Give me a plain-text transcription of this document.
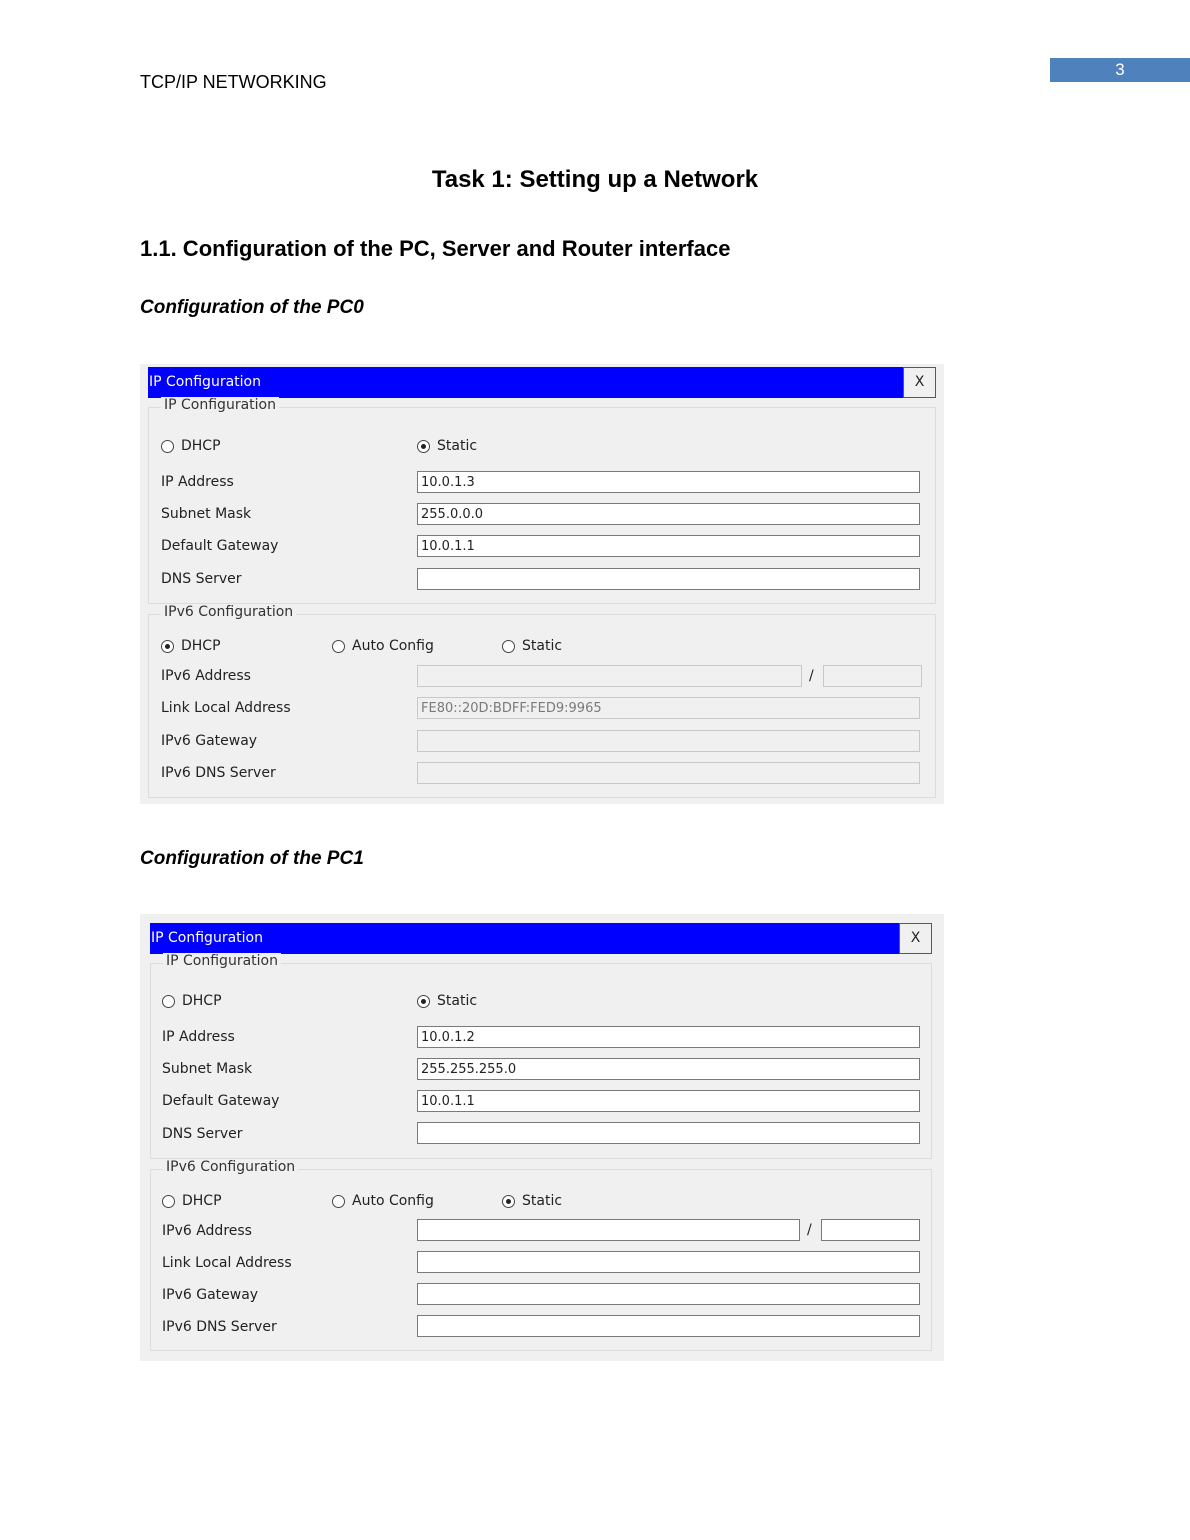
TCP/IP NETWORKING
3
Task 1: Setting up a Network
1.1. Configuration of the PC, Server and Router interface
Configuration of the PC0
IP Configuration	X
IP Configuration
DHCP	Static
IP Address	10.0.1.3
Subnet Mask	255.0.0.0
Default Gateway	10.0.1.1
DNS Server
IPv6 Configuration
DHCP	Auto Config	Static
IPv6 Address	/
Link Local Address	FE80::20D:BDFF:FED9:9965
IPv6 Gateway
IPv6 DNS Server
Configuration of the PC1
IP Configuration	X
IP Configuration
DHCP	Static
IP Address	10.0.1.2
Subnet Mask	255.255.255.0
Default Gateway	10.0.1.1
DNS Server
IPv6 Configuration
DHCP	Auto Config	Static
IPv6 Address	/
Link Local Address
IPv6 Gateway
IPv6 DNS Server
